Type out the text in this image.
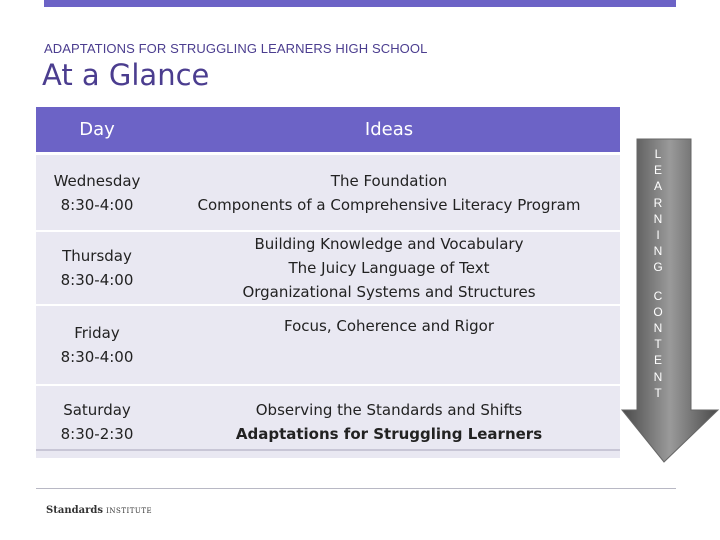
ADAPTATIONS FOR STRUGGLING LEARNERS HIGH SCHOOL
At a Glance
Day	Ideas

Wednesday
8:30-4:00	The Foundation
Components of a Comprehensive Literacy Program

Thursday
8:30-4:00	Building Knowledge and Vocabulary
The Juicy Language of Text
Organizational Systems and Structures

Friday
8:30-4:00	Focus, Coherence and Rigor

Saturday
8:30-2:30	Observing the Standards and Shifts
Adaptations for Struggling Learners
L
E
A
R
N
I
N
G
C
O
N
T
E
N
T
Standards INSTITUTE
